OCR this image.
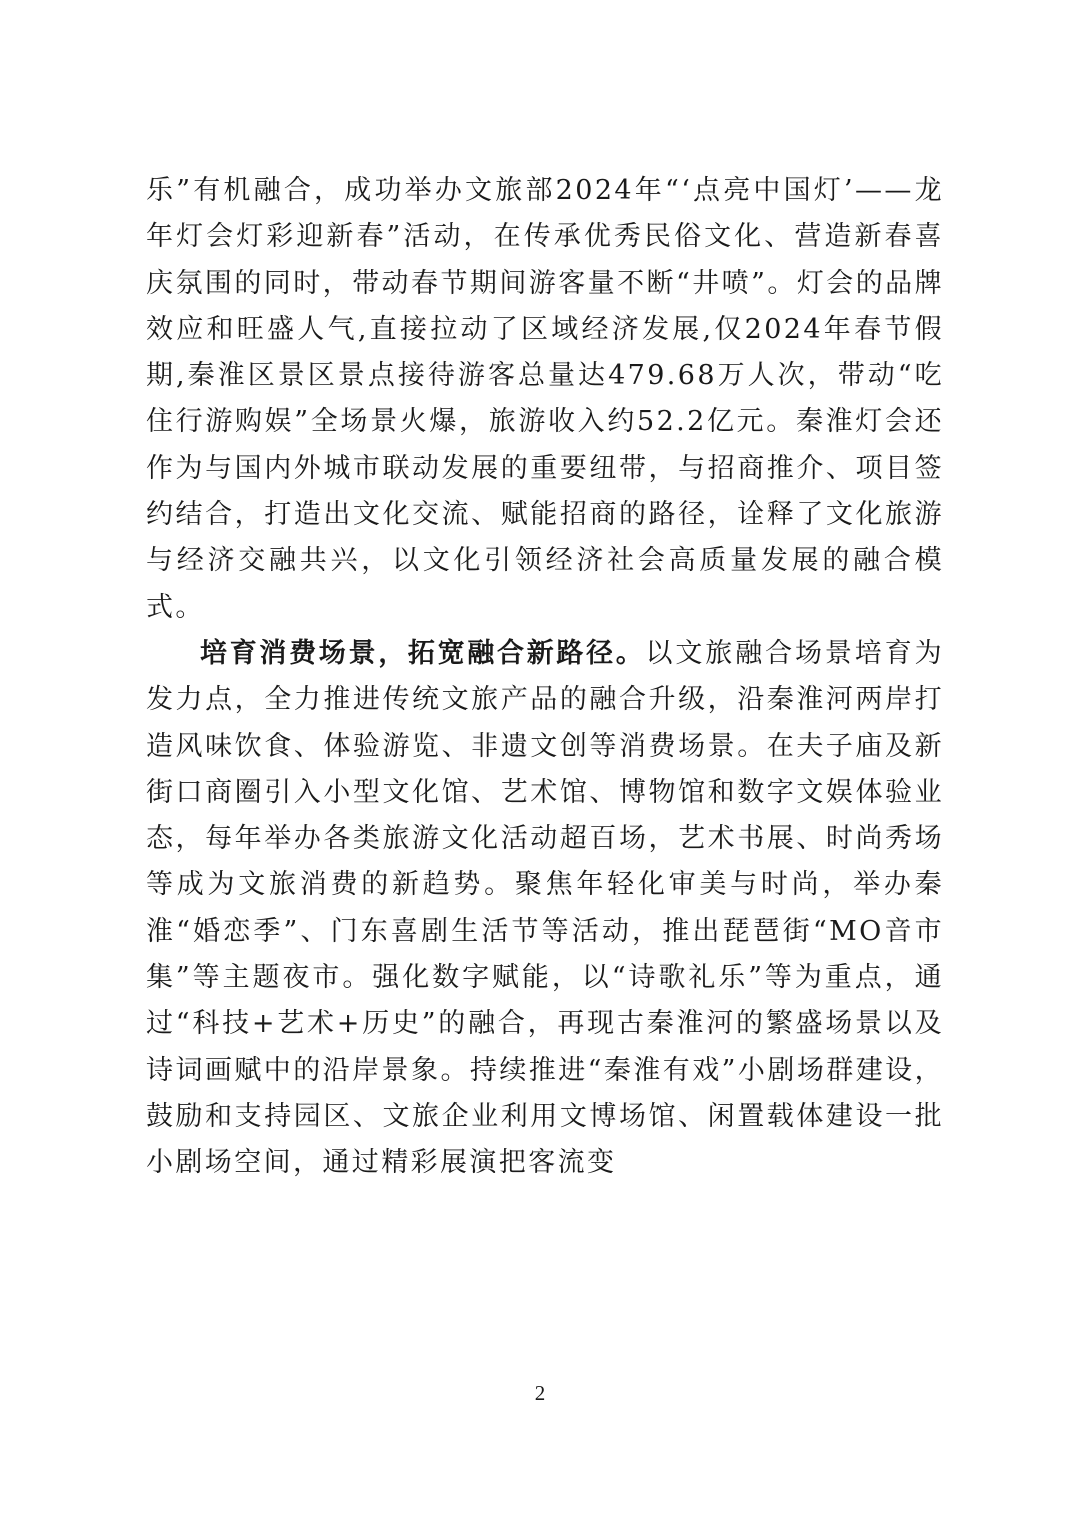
乐”有机融合，成功举办文旅部2024年“‘点亮中国灯’——龙年灯会灯彩迎新春”活动，在传承优秀民俗文化、营造新春喜庆氛围的同时，带动春节期间游客量不断“井喷”。灯会的品牌效应和旺盛人气,直接拉动了区域经济发展,仅2024年春节假期,秦淮区景区景点接待游客总量达479.68万人次，带动“吃住行游购娱”全场景火爆，旅游收入约52.2亿元。秦淮灯会还作为与国内外城市联动发展的重要纽带，与招商推介、项目签约结合，打造出文化交流、赋能招商的路径，诠释了文化旅游与经济交融共兴，以文化引领经济社会高质量发展的融合模式。

培育消费场景，拓宽融合新路径。以文旅融合场景培育为发力点，全力推进传统文旅产品的融合升级，沿秦淮河两岸打造风味饮食、体验游览、非遗文创等消费场景。在夫子庙及新街口商圈引入小型文化馆、艺术馆、博物馆和数字文娱体验业态，每年举办各类旅游文化活动超百场，艺术书展、时尚秀场等成为文旅消费的新趋势。聚焦年轻化审美与时尚，举办秦淮“婚恋季”、门东喜剧生活节等活动，推出琵琶街“MO音市集”等主题夜市。强化数字赋能，以“诗歌礼乐”等为重点，通过“科技+艺术+历史”的融合，再现古秦淮河的繁盛场景以及诗词画赋中的沿岸景象。持续推进“秦淮有戏”小剧场群建设，鼓励和支持园区、文旅企业利用文博场馆、闲置载体建设一批小剧场空间，通过精彩展演把客流变

2
